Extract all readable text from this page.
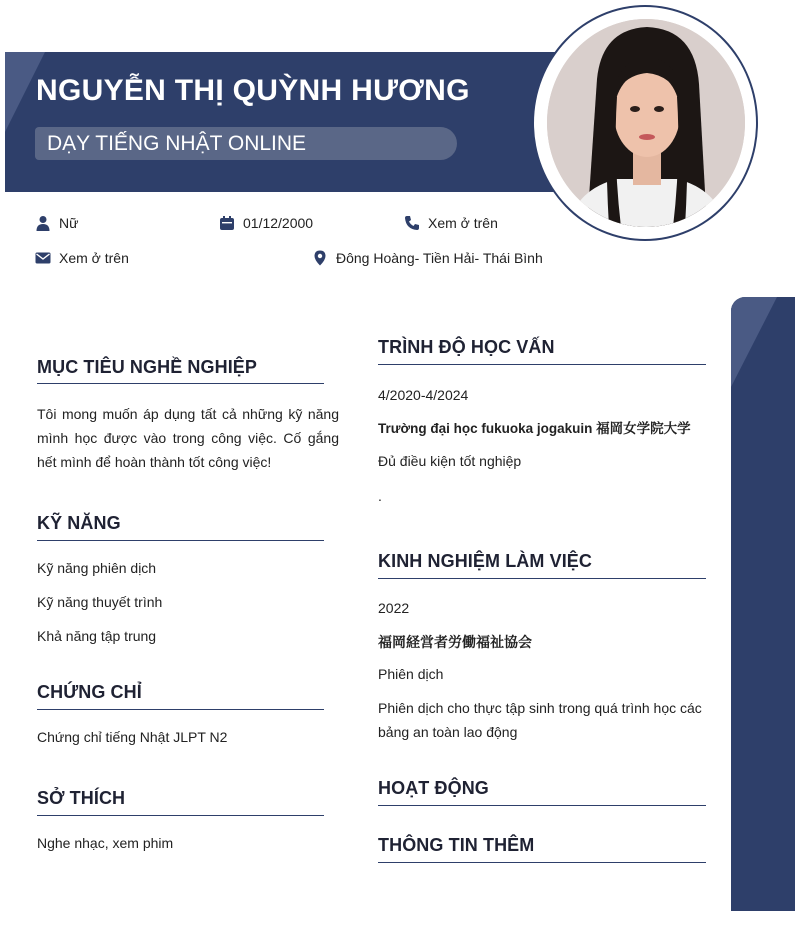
NGUYỄN THỊ QUỲNH HƯƠNG
DẠY TIẾNG NHẬT ONLINE
Nữ	01/12/2000	Xem ở trên
Xem ở trên	Đông Hoàng- Tiền Hải- Thái Bình
MỤC TIÊU NGHỀ NGHIỆP
Tôi mong muốn áp dụng tất cả những kỹ năng mình học được vào trong công việc. Cố gắng hết mình để hoàn thành tốt công việc!
KỸ NĂNG
Kỹ năng phiên dịch
Kỹ năng thuyết trình
Khả năng tập trung
CHỨNG CHỈ
Chứng chỉ tiếng Nhật JLPT N2
SỞ THÍCH
Nghe nhạc, xem phim
TRÌNH ĐỘ HỌC VẤN
4/2020-4/2024
Trường đại học fukuoka jogakuin 福岡女学院大学
Đủ điều kiện tốt nghiệp
.
KINH NGHIỆM LÀM VIỆC
2022
福岡経営者労働福祉協会
Phiên dịch
Phiên dịch cho thực tập sinh trong quá trình học các bảng an toàn lao động
HOẠT ĐỘNG
THÔNG TIN THÊM
